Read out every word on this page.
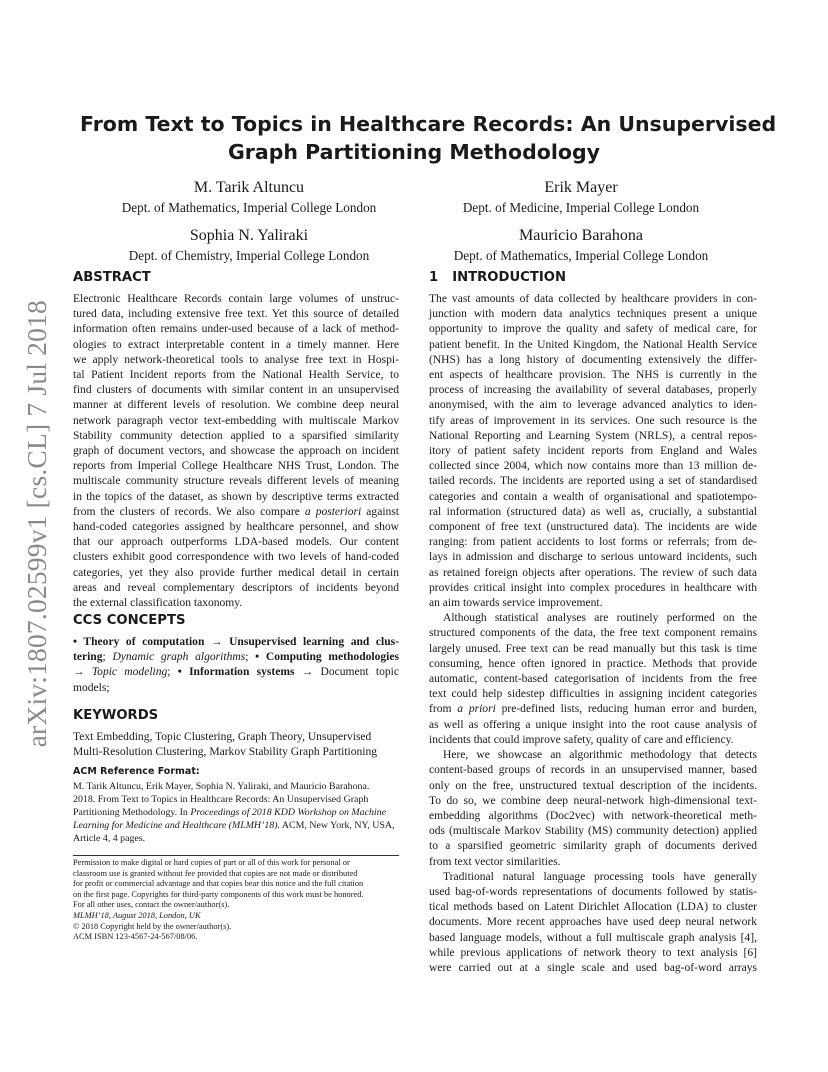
arXiv:1807.02599v1 [cs.CL] 7 Jul 2018
From Text to Topics in Healthcare Records: An Unsupervised
Graph Partitioning Methodology
M. Tarik Altuncu
Dept. of Mathematics, Imperial College London
Erik Mayer
Dept. of Medicine, Imperial College London
Sophia N. Yaliraki
Dept. of Chemistry, Imperial College London
Mauricio Barahona
Dept. of Mathematics, Imperial College London
ABSTRACT
Electronic Healthcare Records contain large volumes of unstruc-
tured data, including extensive free text. Yet this source of detailed
information often remains under-used because of a lack of method-
ologies to extract interpretable content in a timely manner. Here
we apply network-theoretical tools to analyse free text in Hospi-
tal Patient Incident reports from the National Health Service, to
find clusters of documents with similar content in an unsupervised
manner at different levels of resolution. We combine deep neural
network paragraph vector text-embedding with multiscale Markov
Stability community detection applied to a sparsified similarity
graph of document vectors, and showcase the approach on incident
reports from Imperial College Healthcare NHS Trust, London. The
multiscale community structure reveals different levels of meaning
in the topics of the dataset, as shown by descriptive terms extracted
from the clusters of records. We also compare a posteriori against
hand-coded categories assigned by healthcare personnel, and show
that our approach outperforms LDA-based models. Our content
clusters exhibit good correspondence with two levels of hand-coded
categories, yet they also provide further medical detail in certain
areas and reveal complementary descriptors of incidents beyond
the external classification taxonomy.
CCS CONCEPTS
• Theory of computation → Unsupervised learning and clus-
tering; Dynamic graph algorithms; • Computing methodologies
→ Topic modeling; • Information systems → Document topic
models;
KEYWORDS
Text Embedding, Topic Clustering, Graph Theory, Unsupervised
Multi-Resolution Clustering, Markov Stability Graph Partitioning
ACM Reference Format:
M. Tarik Altuncu, Erik Mayer, Sophia N. Yaliraki, and Mauricio Barahona.
2018. From Text to Topics in Healthcare Records: An Unsupervised Graph
Partitioning Methodology. In Proceedings of 2018 KDD Workshop on Machine
Learning for Medicine and Healthcare (MLMH’18). ACM, New York, NY, USA,
Article 4, 4 pages.
Permission to make digital or hard copies of part or all of this work for personal or
classroom use is granted without fee provided that copies are not made or distributed
for profit or commercial advantage and that copies bear this notice and the full citation
on the first page. Copyrights for third-party components of this work must be honored.
For all other uses, contact the owner/author(s).
MLMH’18, August 2018, London, UK
© 2018 Copyright held by the owner/author(s).
ACM ISBN 123-4567-24-567/08/06.
1 INTRODUCTION
The vast amounts of data collected by healthcare providers in con-
junction with modern data analytics techniques present a unique
opportunity to improve the quality and safety of medical care, for
patient benefit. In the United Kingdom, the National Health Service
(NHS) has a long history of documenting extensively the differ-
ent aspects of healthcare provision. The NHS is currently in the
process of increasing the availability of several databases, properly
anonymised, with the aim to leverage advanced analytics to iden-
tify areas of improvement in its services. One such resource is the
National Reporting and Learning System (NRLS), a central repos-
itory of patient safety incident reports from England and Wales
collected since 2004, which now contains more than 13 million de-
tailed records. The incidents are reported using a set of standardised
categories and contain a wealth of organisational and spatiotempo-
ral information (structured data) as well as, crucially, a substantial
component of free text (unstructured data). The incidents are wide
ranging: from patient accidents to lost forms or referrals; from de-
lays in admission and discharge to serious untoward incidents, such
as retained foreign objects after operations. The review of such data
provides critical insight into complex procedures in healthcare with
an aim towards service improvement.
Although statistical analyses are routinely performed on the
structured components of the data, the free text component remains
largely unused. Free text can be read manually but this task is time
consuming, hence often ignored in practice. Methods that provide
automatic, content-based categorisation of incidents from the free
text could help sidestep difficulties in assigning incident categories
from a priori pre-defined lists, reducing human error and burden,
as well as offering a unique insight into the root cause analysis of
incidents that could improve safety, quality of care and efficiency.
Here, we showcase an algorithmic methodology that detects
content-based groups of records in an unsupervised manner, based
only on the free, unstructured textual description of the incidents.
To do so, we combine deep neural-network high-dimensional text-
embedding algorithms (Doc2vec) with network-theoretical meth-
ods (multiscale Markov Stability (MS) community detection) applied
to a sparsified geometric similarity graph of documents derived
from text vector similarities.
Traditional natural language processing tools have generally
used bag-of-words representations of documents followed by statis-
tical methods based on Latent Dirichlet Allocation (LDA) to cluster
documents. More recent approaches have used deep neural network
based language models, without a full multiscale graph analysis [4],
while previous applications of network theory to text analysis [6]
were carried out at a single scale and used bag-of-word arrays
